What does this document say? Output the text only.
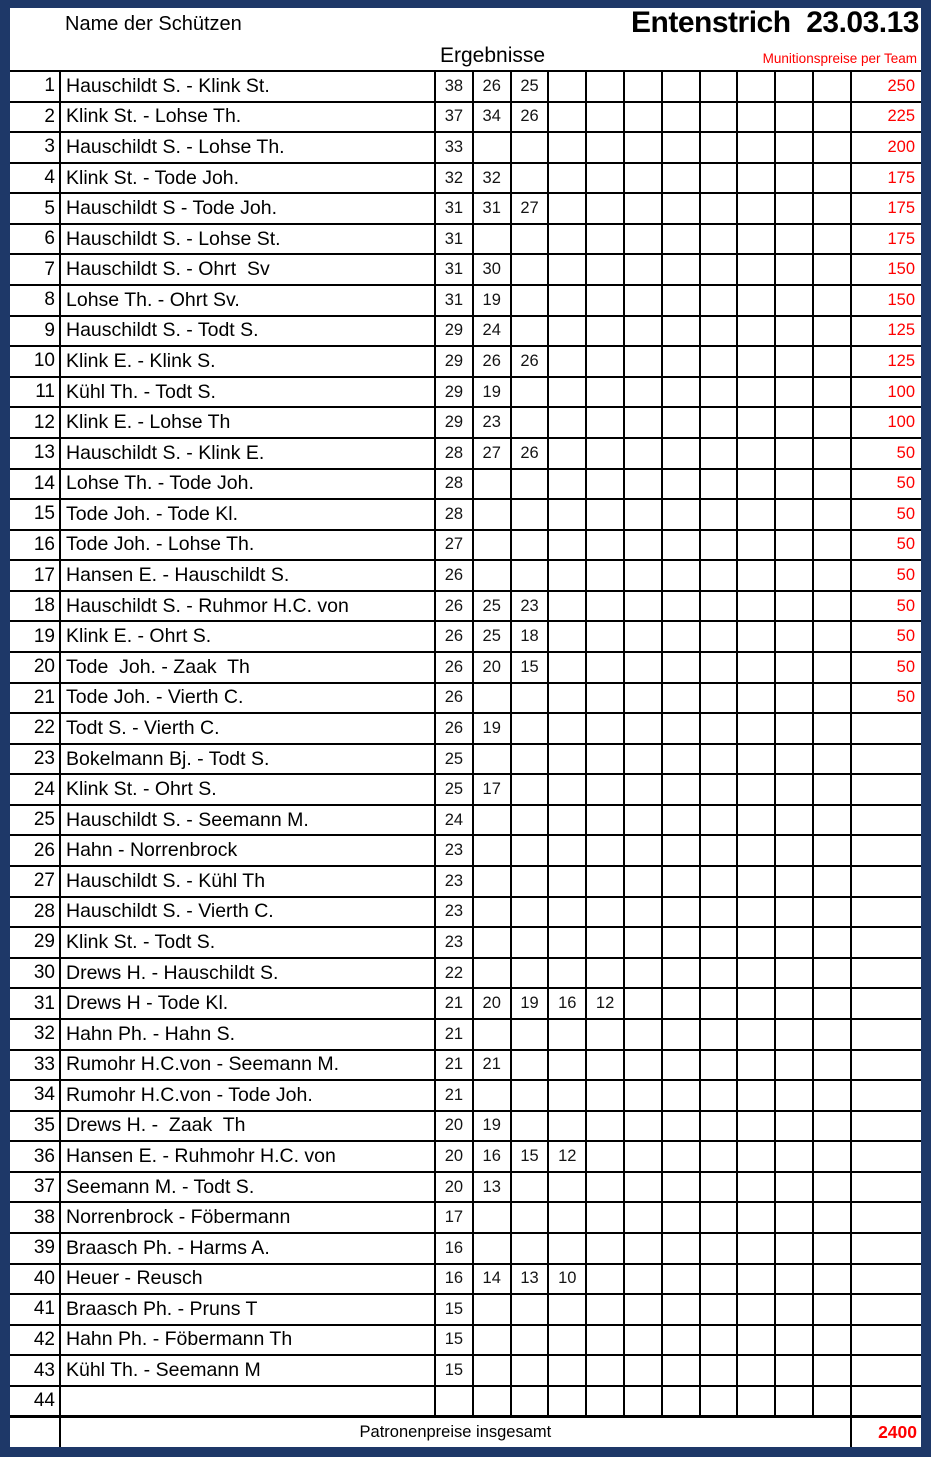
Name der Schützen	Entenstrich  23.03.13
Ergebnisse	Munitionspreise per Team
1	Hauschildt S. - Klink St.	38	26	25									250
2	Klink St. - Lohse Th.	37	34	26									225
3	Hauschildt S. - Lohse Th.	33											200
4	Klink St. - Tode Joh.	32	32										175
5	Hauschildt S - Tode Joh.	31	31	27									175
6	Hauschildt S. - Lohse St.	31											175
7	Hauschildt S. - Ohrt  Sv	31	30										150
8	Lohse Th. - Ohrt Sv.	31	19										150
9	Hauschildt S. - Todt S.	29	24										125
10	Klink E. - Klink S.	29	26	26									125
11	Kühl Th. - Todt S.	29	19										100
12	Klink E. - Lohse Th	29	23										100
13	Hauschildt S. - Klink E.	28	27	26									50
14	Lohse Th. - Tode Joh.	28											50
15	Tode Joh. - Tode Kl.	28											50
16	Tode Joh. - Lohse Th.	27											50
17	Hansen E. - Hauschildt S.	26											50
18	Hauschildt S. - Ruhmor H.C. von	26	25	23									50
19	Klink E. - Ohrt S.	26	25	18									50
20	Tode  Joh. - Zaak  Th	26	20	15									50
21	Tode Joh. - Vierth C.	26											50
22	Todt S. - Vierth C.	26	19										
23	Bokelmann Bj. - Todt S.	25											
24	Klink St. - Ohrt S.	25	17										
25	Hauschildt S. - Seemann M.	24											
26	Hahn - Norrenbrock	23											
27	Hauschildt S. - Kühl Th	23											
28	Hauschildt S. - Vierth C.	23											
29	Klink St. - Todt S.	23											
30	Drews H. - Hauschildt S.	22											
31	Drews H - Tode Kl.	21	20	19	16	12							
32	Hahn Ph. - Hahn S.	21											
33	Rumohr H.C.von - Seemann M.	21	21										
34	Rumohr H.C.von - Tode Joh.	21											
35	Drews H. -  Zaak  Th	20	19										
36	Hansen E. - Ruhmohr H.C. von	20	16	15	12								
37	Seemann M. - Todt S.	20	13										
38	Norrenbrock - Föbermann	17											
39	Braasch Ph. - Harms A.	16											
40	Heuer - Reusch	16	14	13	10								
41	Braasch Ph. - Pruns T	15											
42	Hahn Ph. - Föbermann Th	15											
43	Kühl Th. - Seemann M	15											
44													
	Patronenpreise insgesamt												2400
